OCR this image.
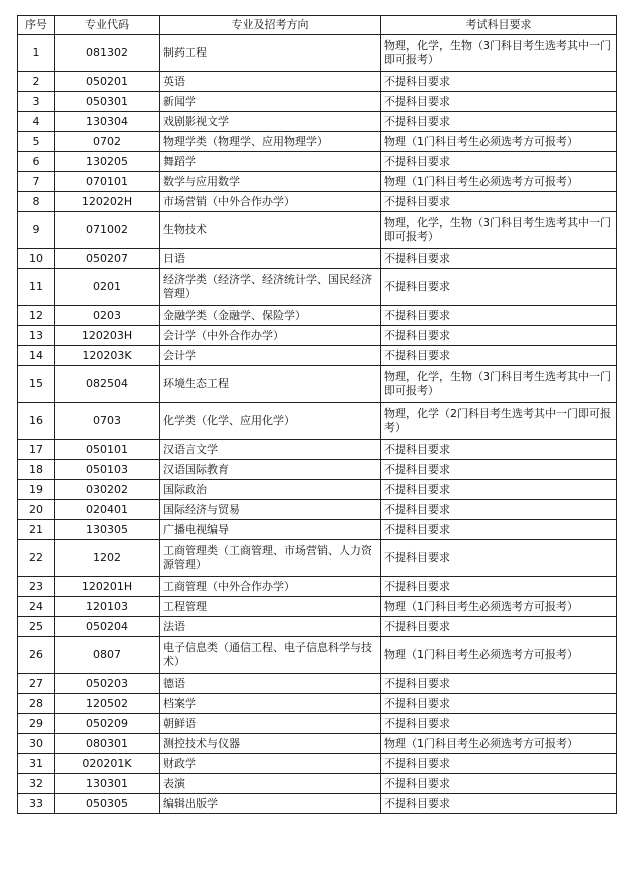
序号	专业代码	专业及招考方向	考试科目要求
1	081302	制药工程	物理，化学，生物（3门科目考生选考其中一门即可报考）
2	050201	英语	不提科目要求
3	050301	新闻学	不提科目要求
4	130304	戏剧影视文学	不提科目要求
5	0702	物理学类（物理学、应用物理学）	物理（1门科目考生必须选考方可报考）
6	130205	舞蹈学	不提科目要求
7	070101	数学与应用数学	物理（1门科目考生必须选考方可报考）
8	120202H	市场营销（中外合作办学）	不提科目要求
9	071002	生物技术	物理，化学，生物（3门科目考生选考其中一门即可报考）
10	050207	日语	不提科目要求
11	0201	经济学类（经济学、经济统计学、国民经济管理）	不提科目要求
12	0203	金融学类（金融学、保险学）	不提科目要求
13	120203H	会计学（中外合作办学）	不提科目要求
14	120203K	会计学	不提科目要求
15	082504	环境生态工程	物理，化学，生物（3门科目考生选考其中一门即可报考）
16	0703	化学类（化学、应用化学）	物理，化学（2门科目考生选考其中一门即可报考）
17	050101	汉语言文学	不提科目要求
18	050103	汉语国际教育	不提科目要求
19	030202	国际政治	不提科目要求
20	020401	国际经济与贸易	不提科目要求
21	130305	广播电视编导	不提科目要求
22	1202	工商管理类（工商管理、市场营销、人力资源管理）	不提科目要求
23	120201H	工商管理（中外合作办学）	不提科目要求
24	120103	工程管理	物理（1门科目考生必须选考方可报考）
25	050204	法语	不提科目要求
26	0807	电子信息类（通信工程、电子信息科学与技术）	物理（1门科目考生必须选考方可报考）
27	050203	德语	不提科目要求
28	120502	档案学	不提科目要求
29	050209	朝鲜语	不提科目要求
30	080301	测控技术与仪器	物理（1门科目考生必须选考方可报考）
31	020201K	财政学	不提科目要求
32	130301	表演	不提科目要求
33	050305	编辑出版学	不提科目要求
